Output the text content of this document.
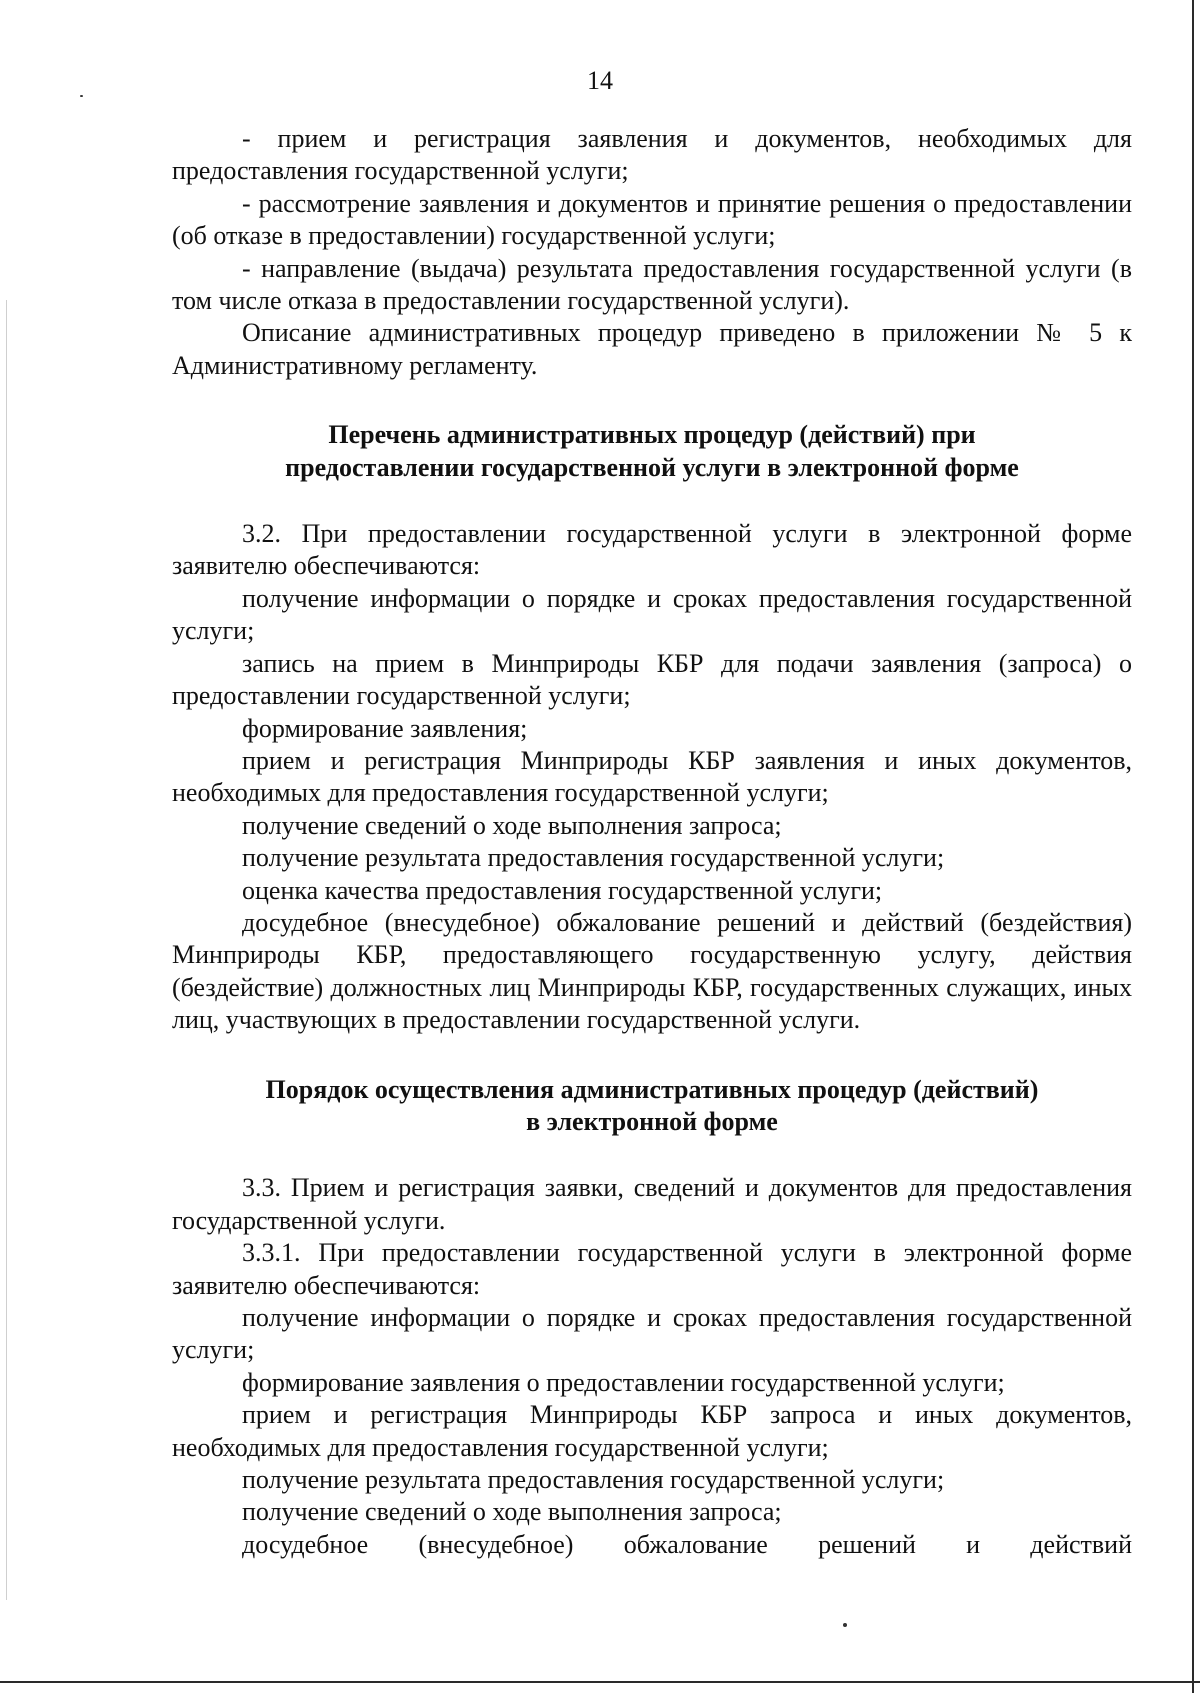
14

- прием и регистрация заявления и документов, необходимых для предоставления государственной услуги;

- рассмотрение заявления и документов и принятие решения о предоставлении (об отказе в предоставлении) государственной услуги;

- направление (выдача) результата предоставления государственной услуги (в том числе отказа в предоставлении государственной услуги).

Описание административных процедур приведено в приложении № 5 к Административному регламенту.

Перечень административных процедур (действий) при
предоставлении государственной услуги в электронной форме

3.2. При предоставлении государственной услуги в электронной форме заявителю обеспечиваются:

получение информации о порядке и сроках предоставления государственной услуги;

запись на прием в Минприроды КБР для подачи заявления (запроса) о предоставлении государственной услуги;

формирование заявления;

прием и регистрация Минприроды КБР заявления и иных документов, необходимых для предоставления государственной услуги;

получение сведений о ходе выполнения запроса;

получение результата предоставления государственной услуги;

оценка качества предоставления государственной услуги;

досудебное (внесудебное) обжалование решений и действий (бездействия) Минприроды КБР, предоставляющего государственную услугу, действия (бездействие) должностных лиц Минприроды КБР, государственных служащих, иных лиц, участвующих в предоставлении государственной услуги.

Порядок осуществления административных процедур (действий)
в электронной форме

3.3. Прием и регистрация заявки, сведений и документов для предоставления государственной услуги.

3.3.1. При предоставлении государственной услуги в электронной форме заявителю обеспечиваются:

получение информации о порядке и сроках предоставления государственной услуги;

формирование заявления о предоставлении государственной услуги;

прием и регистрация Минприроды КБР запроса и иных документов, необходимых для предоставления государственной услуги;

получение результата предоставления государственной услуги;

получение сведений о ходе выполнения запроса;

досудебное (внесудебное) обжалование решений и действий
